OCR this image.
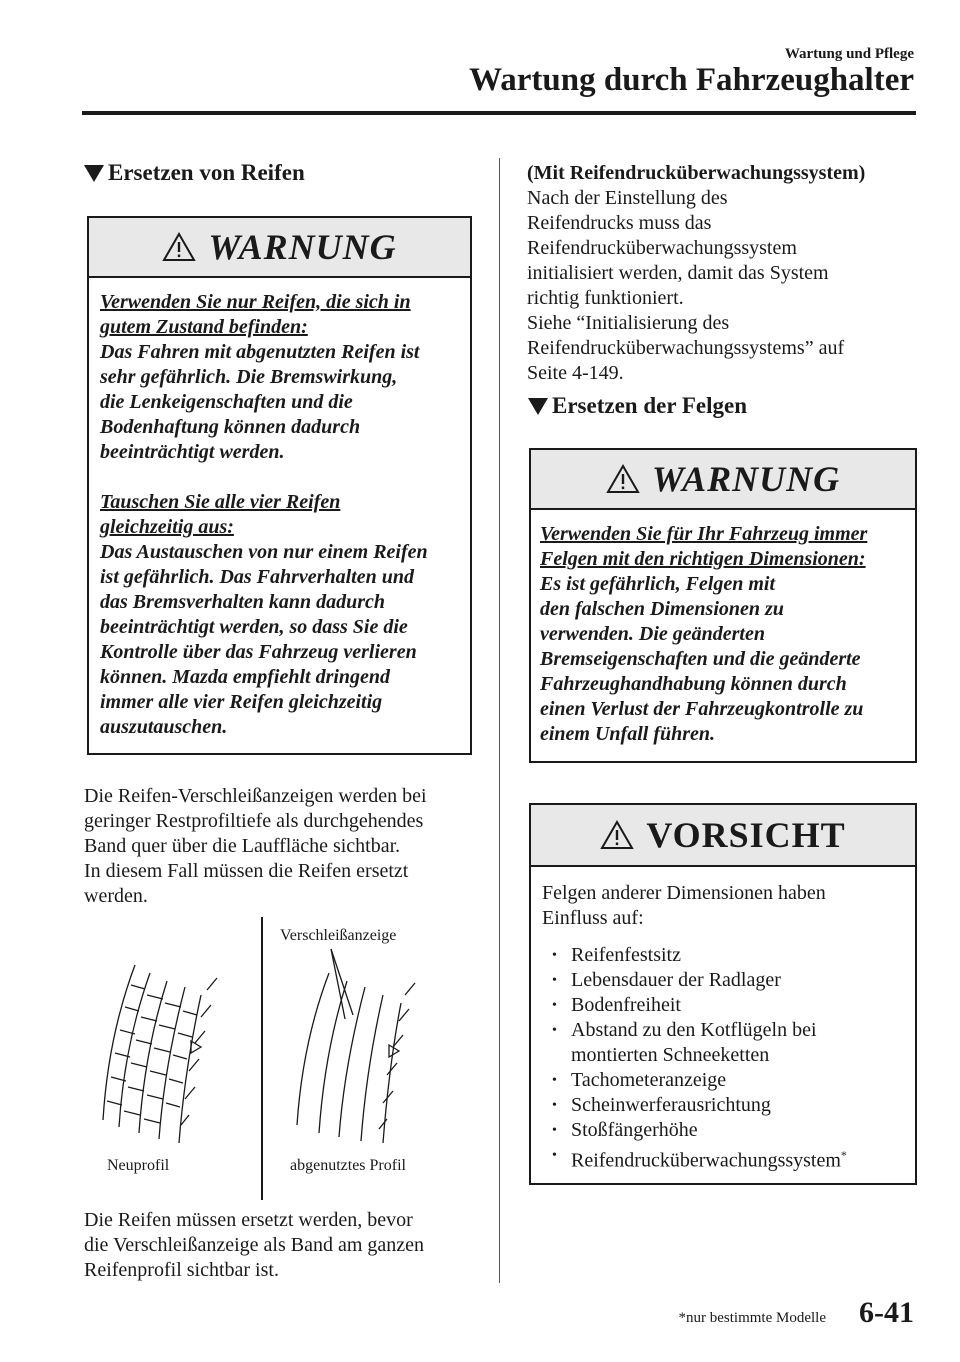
Wartung und Pflege
Wartung durch Fahrzeughalter
Ersetzen von Reifen
WARNUNG

Verwenden Sie nur Reifen, die sich in

gutem Zustand befinden:

Das Fahren mit abgenutzten Reifen ist

sehr gefährlich. Die Bremswirkung,

die Lenkeigenschaften und die

Bodenhaftung können dadurch

beeinträchtigt werden.

Tauschen Sie alle vier Reifen

gleichzeitig aus:

Das Austauschen von nur einem Reifen

ist gefährlich. Das Fahrverhalten und

das Bremsverhalten kann dadurch

beeinträchtigt werden, so dass Sie die

Kontrolle über das Fahrzeug verlieren

können. Mazda empfiehlt dringend

immer alle vier Reifen gleichzeitig

auszutauschen.

Die Reifen-Verschleißanzeigen werden bei

geringer Restprofiltiefe als durchgehendes

Band quer über die Lauffläche sichtbar.

In diesem Fall müssen die Reifen ersetzt

werden.

Verschleißanzeige
Neuprofil	abgenutztes Profil

Die Reifen müssen ersetzt werden, bevor

die Verschleißanzeige als Band am ganzen

Reifenprofil sichtbar ist.

(Mit Reifendrucküberwachungssystem)

Nach der Einstellung des

Reifendrucks muss das

Reifendrucküberwachungssystem

initialisiert werden, damit das System

richtig funktioniert.

Siehe “Initialisierung des

Reifendrucküberwachungssystems” auf

Seite 4-149.

Ersetzen der Felgen
WARNUNG

Verwenden Sie für Ihr Fahrzeug immer

Felgen mit den richtigen Dimensionen:

Es ist gefährlich, Felgen mit

den falschen Dimensionen zu

verwenden. Die geänderten

Bremseigenschaften und die geänderte

Fahrzeughandhabung können durch

einen Verlust der Fahrzeugkontrolle zu

einem Unfall führen.

VORSICHT

Felgen anderer Dimensionen haben

Einfluss auf:

• Reifenfestsitz
• Lebensdauer der Radlager
• Bodenfreiheit
• Abstand zu den Kotflügeln bei montierten Schneeketten
• Tachometeranzeige
• Scheinwerferausrichtung
• Stoßfängerhöhe
• Reifendrucküberwachungssystem*
*nur bestimmte Modelle 6-41
